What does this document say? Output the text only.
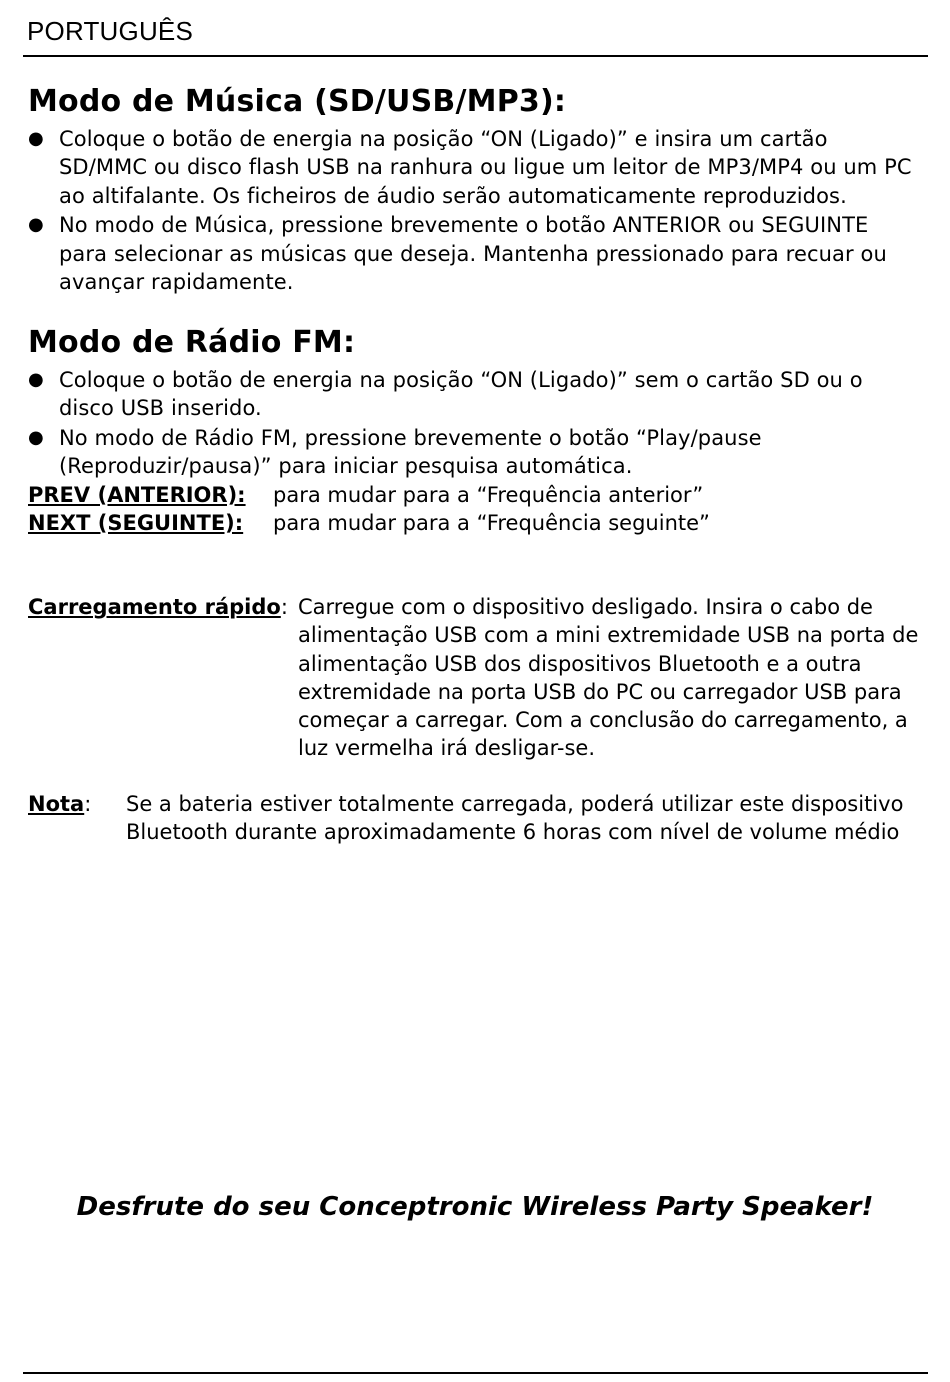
PORTUGUÊS
Modo de Música (SD/USB/MP3):
● Coloque o botão de energia na posição “ON (Ligado)” e insira um cartão SD/MMC ou disco flash USB na ranhura ou ligue um leitor de MP3/MP4 ou um PC ao altifalante. Os ficheiros de áudio serão automaticamente reproduzidos.
● No modo de Música, pressione brevemente o botão ANTERIOR ou SEGUINTE para selecionar as músicas que deseja. Mantenha pressionado para recuar ou avançar rapidamente.
Modo de Rádio FM:
● Coloque o botão de energia na posição “ON (Ligado)” sem o cartão SD ou o disco USB inserido.
● No modo de Rádio FM, pressione brevemente o botão “Play/pause (Reproduzir/pausa)” para iniciar pesquisa automática.
PREV (ANTERIOR): para mudar para a “Frequência anterior”
NEXT (SEGUINTE): para mudar para a “Frequência seguinte”
Carregamento rápido: Carregue com o dispositivo desligado. Insira o cabo de alimentação USB com a mini extremidade USB na porta de alimentação USB dos dispositivos Bluetooth e a outra extremidade na porta USB do PC ou carregador USB para começar a carregar. Com a conclusão do carregamento, a luz vermelha irá desligar-se.
Nota: Se a bateria estiver totalmente carregada, poderá utilizar este dispositivo Bluetooth durante aproximadamente 6 horas com nível de volume médio
Desfrute do seu Conceptronic Wireless Party Speaker!
